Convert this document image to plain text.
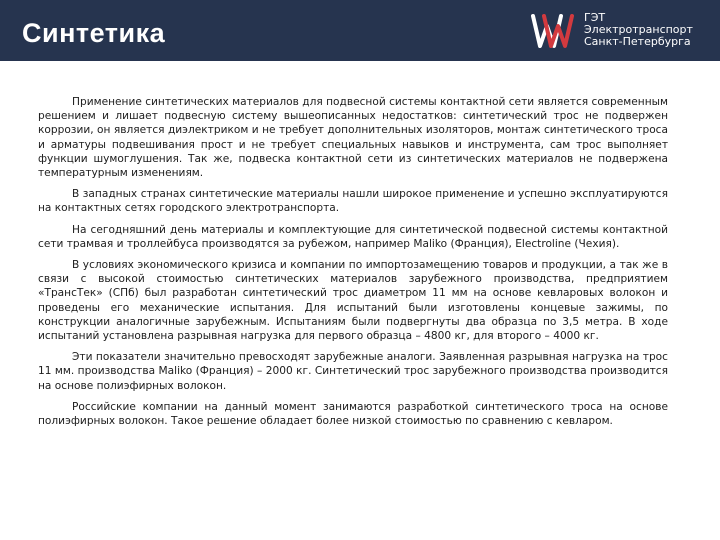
Синтетика
ГЭТ
Электротранспорт
Санкт-Петербурга

Применение синтетических материалов для подвесной системы контактной сети является современным решением и лишает подвесную систему вышеописанных недостатков: синтетический трос не подвержен коррозии, он является диэлектриком и не требует дополнительных изоляторов, монтаж синтетического троса и арматуры подвешивания прост и не требует специальных навыков и инструмента, сам трос выполняет функции шумоглушения. Так же, подвеска контактной сети из синтетических материалов не подвержена температурным изменениям.

В западных странах синтетические материалы нашли широкое применение и успешно эксплуатируются на контактных сетях городского электротранспорта.

На сегодняшний день материалы и комплектующие для синтетической подвесной системы контактной сети трамвая и троллейбуса производятся за рубежом, например Maliko (Франция), Electroline (Чехия).

В условиях экономического кризиса и компании по импортозамещению товаров и продукции, а так же в связи с высокой стоимостью синтетических материалов зарубежного производства, предприятием «ТрансТек» (СПб) был разработан синтетический трос диаметром 11 мм на основе кевларовых волокон и проведены его механические испытания. Для испытаний были изготовлены концевые зажимы, по конструкции аналогичные зарубежным. Испытаниям были подвергнуты два образца по 3,5 метра. В ходе испытаний установлена разрывная нагрузка для первого образца – 4800 кг, для второго – 4000 кг.

Эти показатели значительно превосходят зарубежные аналоги. Заявленная разрывная нагрузка на трос 11 мм. производства Maliko (Франция) – 2000 кг. Синтетический трос зарубежного производства производится на основе полиэфирных волокон.

Российские компании на данный момент занимаются разработкой синтетического троса на основе полиэфирных волокон. Такое решение обладает более низкой стоимостью по сравнению с кевларом.
